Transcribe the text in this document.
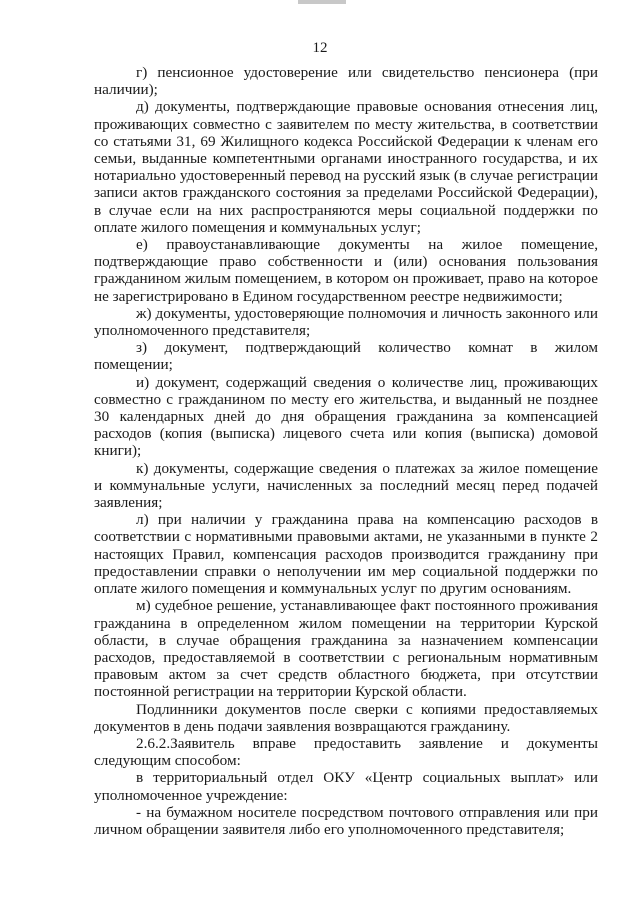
12

г) пенсионное удостоверение или свидетельство пенсионера (при наличии);

д) документы, подтверждающие правовые основания отнесения лиц, проживающих совместно с заявителем по месту жительства, в соответствии со статьями 31, 69 Жилищного кодекса Российской Федерации к членам его семьи, выданные компетентными органами иностранного государства, и их нотариально удостоверенный перевод на русский язык (в случае регистрации записи актов гражданского состояния за пределами Российской Федерации), в случае если на них распространяются меры социальной поддержки по оплате жилого помещения и коммунальных услуг;

е) правоустанавливающие документы на жилое помещение, подтверждающие право собственности и (или) основания пользования гражданином жилым помещением, в котором он проживает, право на которое не зарегистрировано в Едином государственном реестре недвижимости;

ж) документы, удостоверяющие полномочия и личность законного или уполномоченного представителя;

з) документ, подтверждающий количество комнат в жилом помещении;

и) документ, содержащий сведения о количестве лиц, проживающих совместно с гражданином по месту его жительства, и выданный не позднее 30 календарных дней до дня обращения гражданина за компенсацией расходов (копия (выписка) лицевого счета или копия (выписка) домовой книги);

к) документы, содержащие сведения о платежах за жилое помещение и коммунальные услуги, начисленных за последний месяц перед подачей заявления;

л) при наличии у гражданина права на компенсацию расходов в соответствии с нормативными правовыми актами, не указанными в пункте 2 настоящих Правил, компенсация расходов производится гражданину при предоставлении справки о неполучении им мер социальной поддержки по оплате жилого помещения и коммунальных услуг по другим основаниям.

м) судебное решение, устанавливающее факт постоянного проживания гражданина в определенном жилом помещении на территории Курской области, в случае обращения гражданина за назначением компенсации расходов, предоставляемой в соответствии с региональным нормативным правовым актом за счет средств областного бюджета, при отсутствии постоянной регистрации на территории Курской области.

Подлинники документов после сверки с копиями предоставляемых документов в день подачи заявления возвращаются гражданину.

2.6.2.Заявитель вправе предоставить заявление и документы следующим способом:

в территориальный отдел ОКУ «Центр социальных выплат» или уполномоченное учреждение:

- на бумажном носителе посредством почтового отправления или при личном обращении заявителя либо его уполномоченного представителя;
